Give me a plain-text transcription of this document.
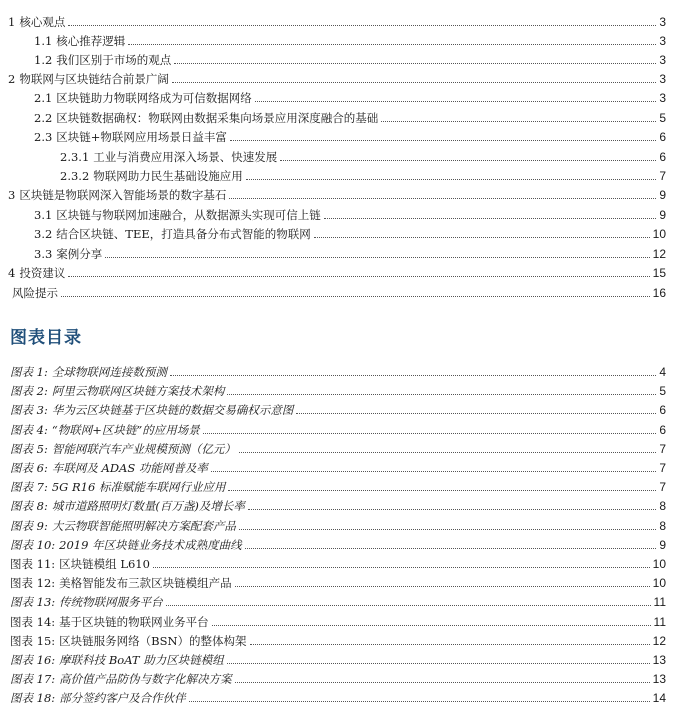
1 核心观点	3
1.1 核心推荐逻辑	3
1.2 我们区别于市场的观点	3
2 物联网与区块链结合前景广阔	3
2.1 区块链助力物联网络成为可信数据网络	3
2.2 区块链数据确权：物联网由数据采集向场景应用深度融合的基础	5
2.3 区块链+物联网应用场景日益丰富	6
2.3.1 工业与消费应用深入场景、快速发展	6
2.3.2 物联网助力民生基础设施应用	7
3 区块链是物联网深入智能场景的数字基石	9
3.1 区块链与物联网加速融合，从数据源头实现可信上链	9
3.2 结合区块链、TEE，打造具备分布式智能的物联网	10
3.3 案例分享	12
4 投资建议	15
风险提示	16
图表目录
图表 1: 全球物联网连接数预测	4
图表 2: 阿里云物联网区块链方案技术架构	5
图表 3: 华为云区块链基于区块链的数据交易确权示意图	6
图表 4: “物联网+区块链”的应用场景	6
图表 5: 智能网联汽车产业规模预测（亿元）	7
图表 6: 车联网及 ADAS 功能网普及率	7
图表 7: 5G R16 标准赋能车联网行业应用	7
图表 8: 城市道路照明灯数量(百万盏)及增长率	8
图表 9: 大云物联智能照明解决方案配套产品	8
图表 10: 2019 年区块链业务技术成熟度曲线	9
图表 11: 区块链模组 L610	10
图表 12: 美格智能发布三款区块链模组产品	10
图表 13: 传统物联网服务平台	11
图表 14: 基于区块链的物联网业务平台	11
图表 15: 区块链服务网络（BSN）的整体构架	12
图表 16: 摩联科技 BoAT 助力区块链模组	13
图表 17: 高价值产品防伪与数字化解决方案	13
图表 18: 部分签约客户及合作伙伴	14
